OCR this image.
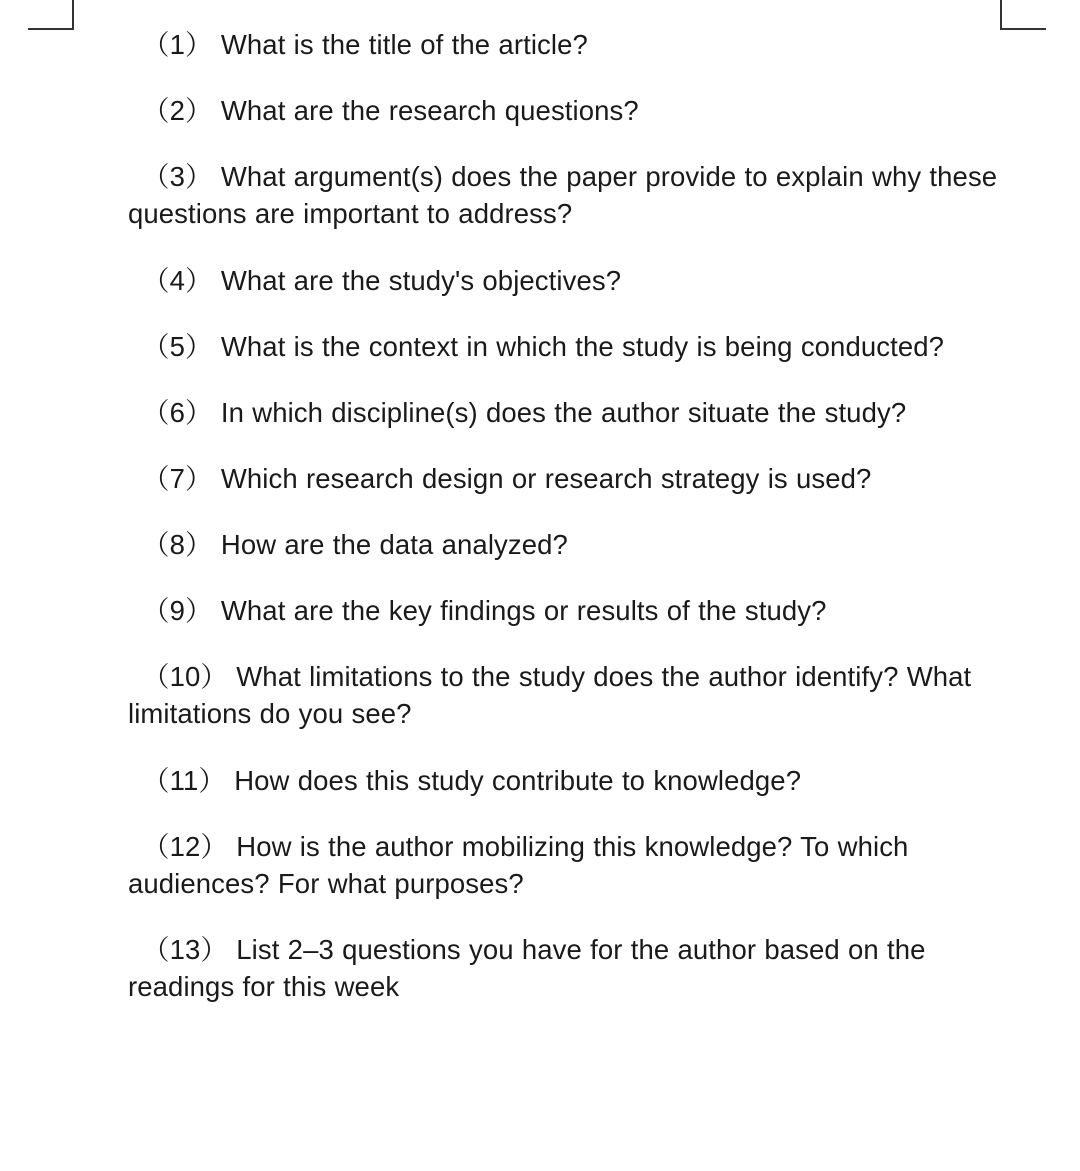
（1） What is the title of the article?

（2） What are the research questions?

（3） What argument(s) does the paper provide to explain why these questions are important to address?

（4） What are the study's objectives?

（5） What is the context in which the study is being conducted?

（6） In which discipline(s) does the author situate the study?

（7） Which research design or research strategy is used?

（8） How are the data analyzed?

（9） What are the key findings or results of the study?

（10） What limitations to the study does the author identify? What limitations do you see?

（11） How does this study contribute to knowledge?

（12） How is the author mobilizing this knowledge? To which audiences? For what purposes?

（13） List 2–3 questions you have for the author based on the readings for this week
